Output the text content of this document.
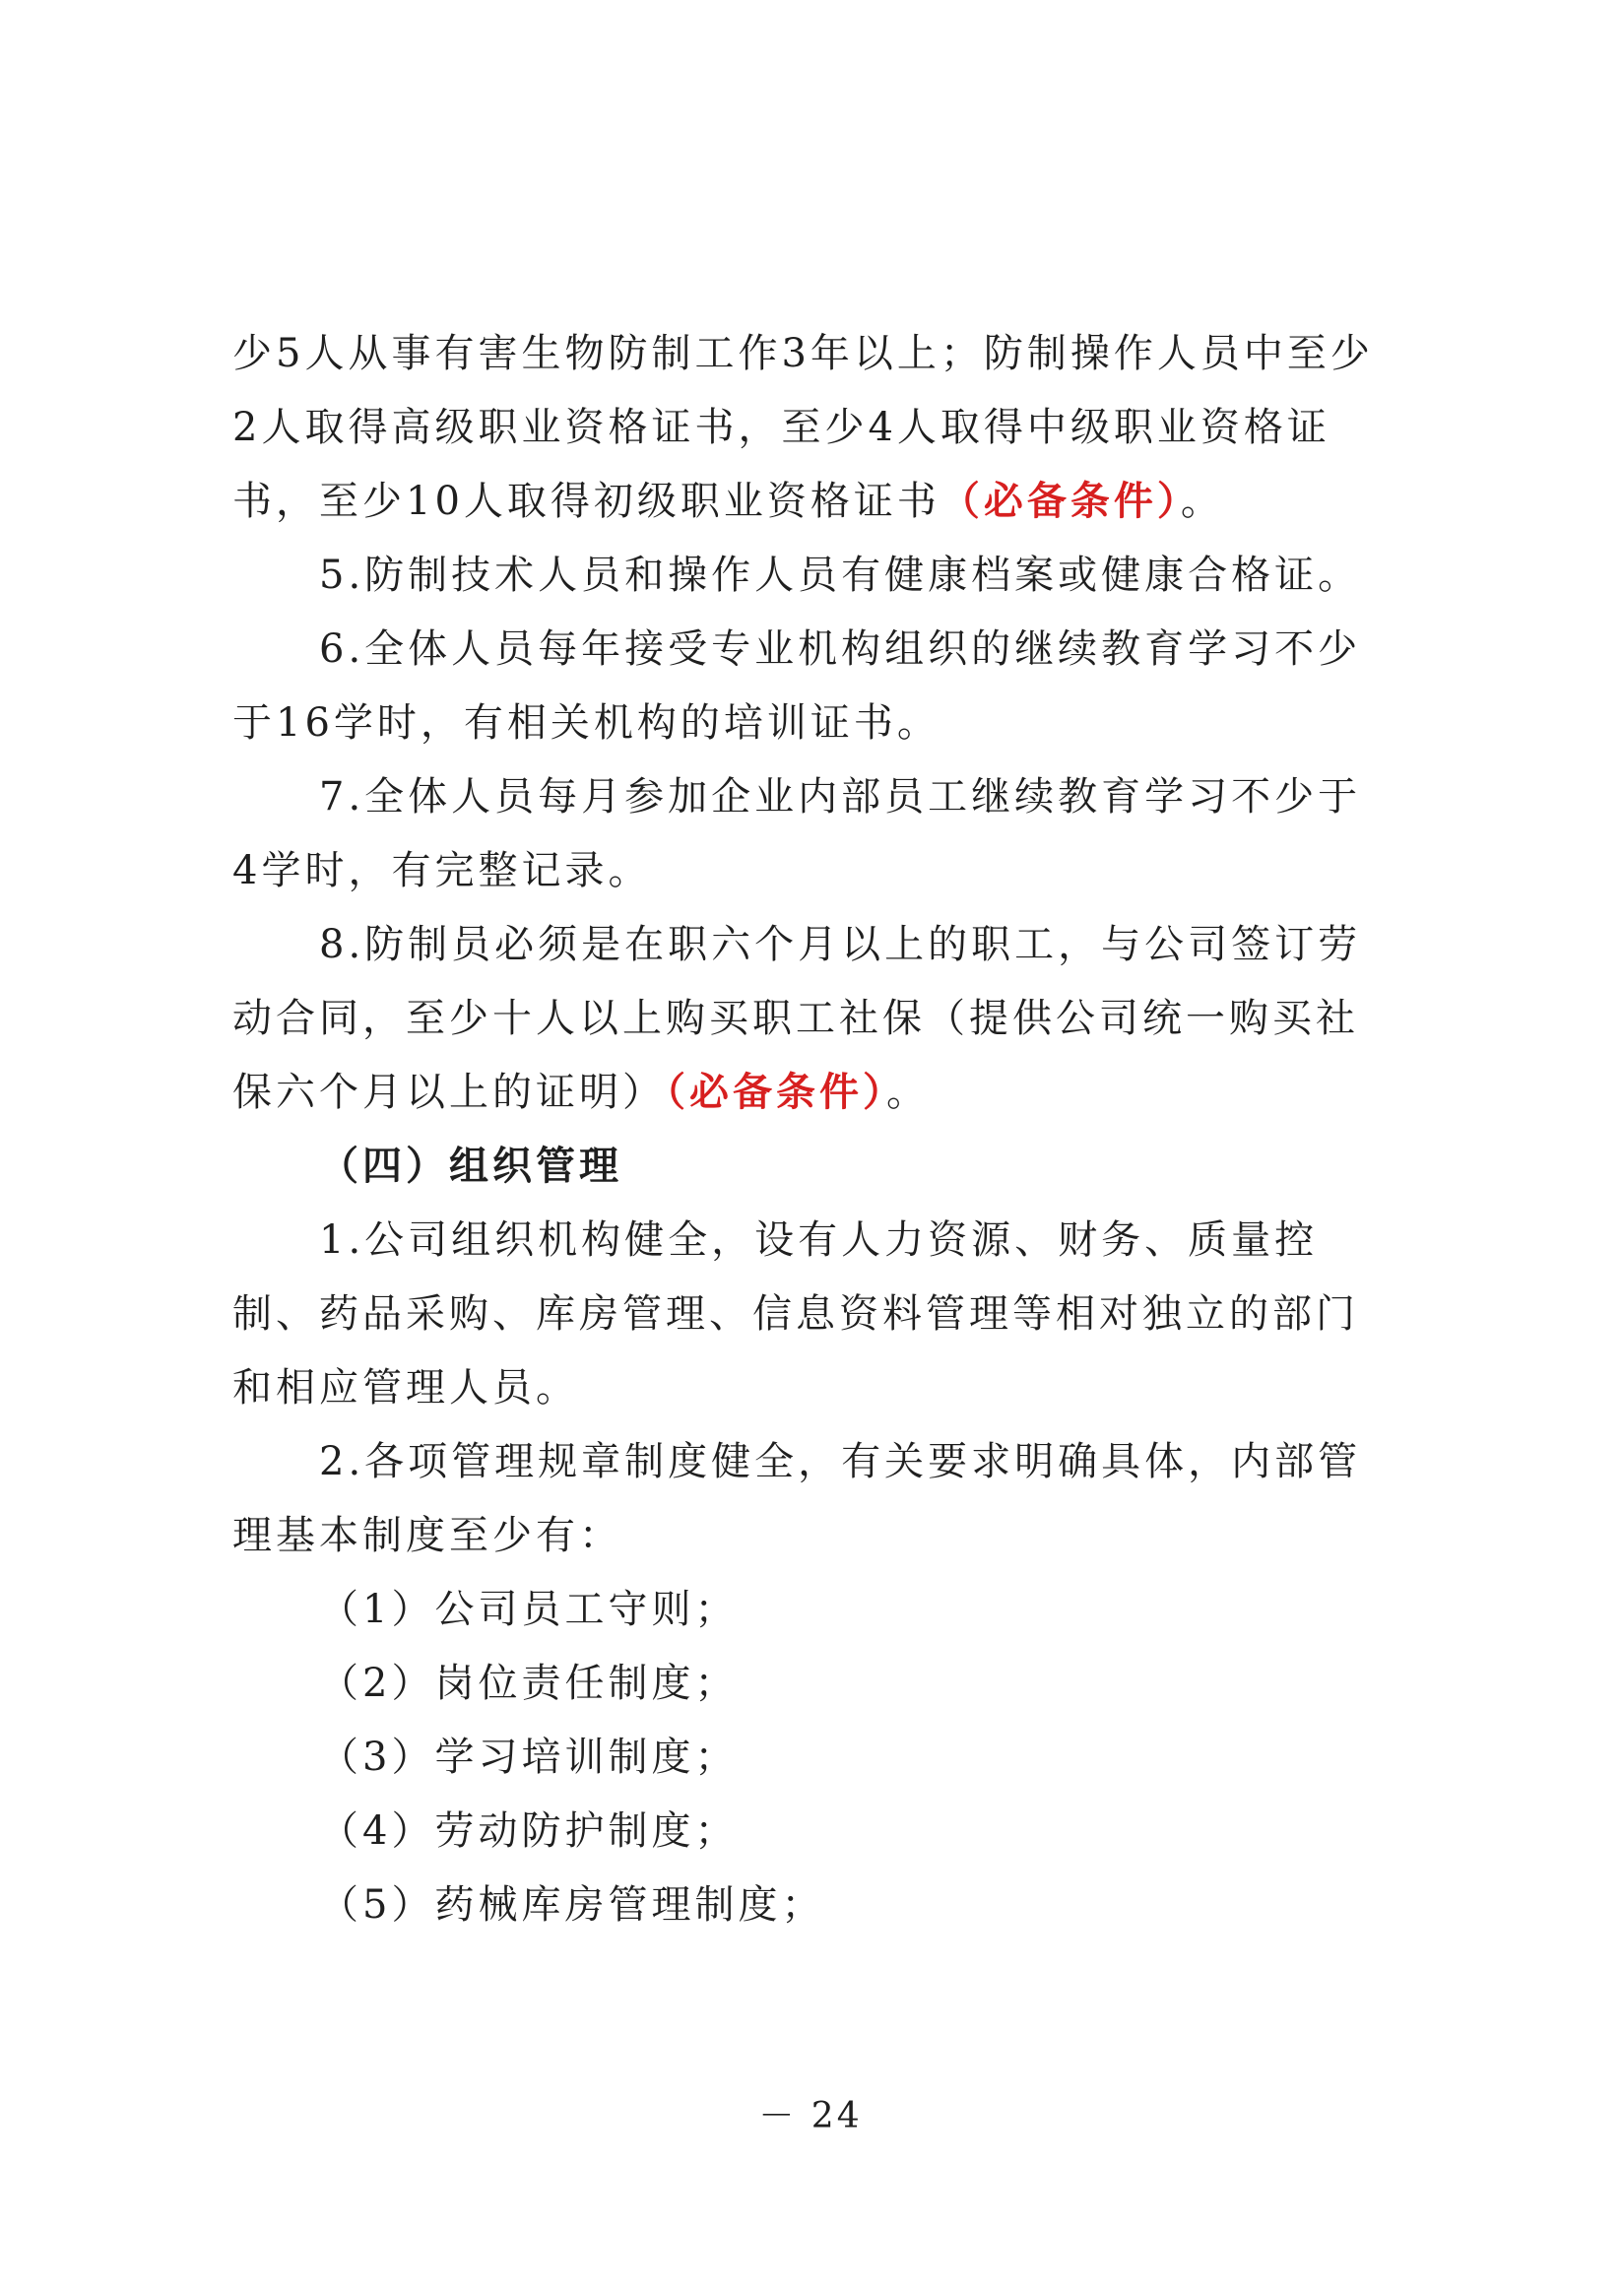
少5人从事有害生物防制工作3年以上；防制操作人员中至少2人取得高级职业资格证书，至少4人取得中级职业资格证书，至少10人取得初级职业资格证书（必备条件）。

5.防制技术人员和操作人员有健康档案或健康合格证。

6.全体人员每年接受专业机构组织的继续教育学习不少于16学时，有相关机构的培训证书。

7.全体人员每月参加企业内部员工继续教育学习不少于4学时，有完整记录。

8.防制员必须是在职六个月以上的职工，与公司签订劳动合同，至少十人以上购买职工社保（提供公司统一购买社保六个月以上的证明）（必备条件）。

（四）组织管理

1.公司组织机构健全，设有人力资源、财务、质量控制、药品采购、库房管理、信息资料管理等相对独立的部门和相应管理人员。

2.各项管理规章制度健全，有关要求明确具体，内部管理基本制度至少有：

（1）公司员工守则；

（2）岗位责任制度；

（3）学习培训制度；

（4）劳动防护制度；

（5）药械库房管理制度；

－ 24
